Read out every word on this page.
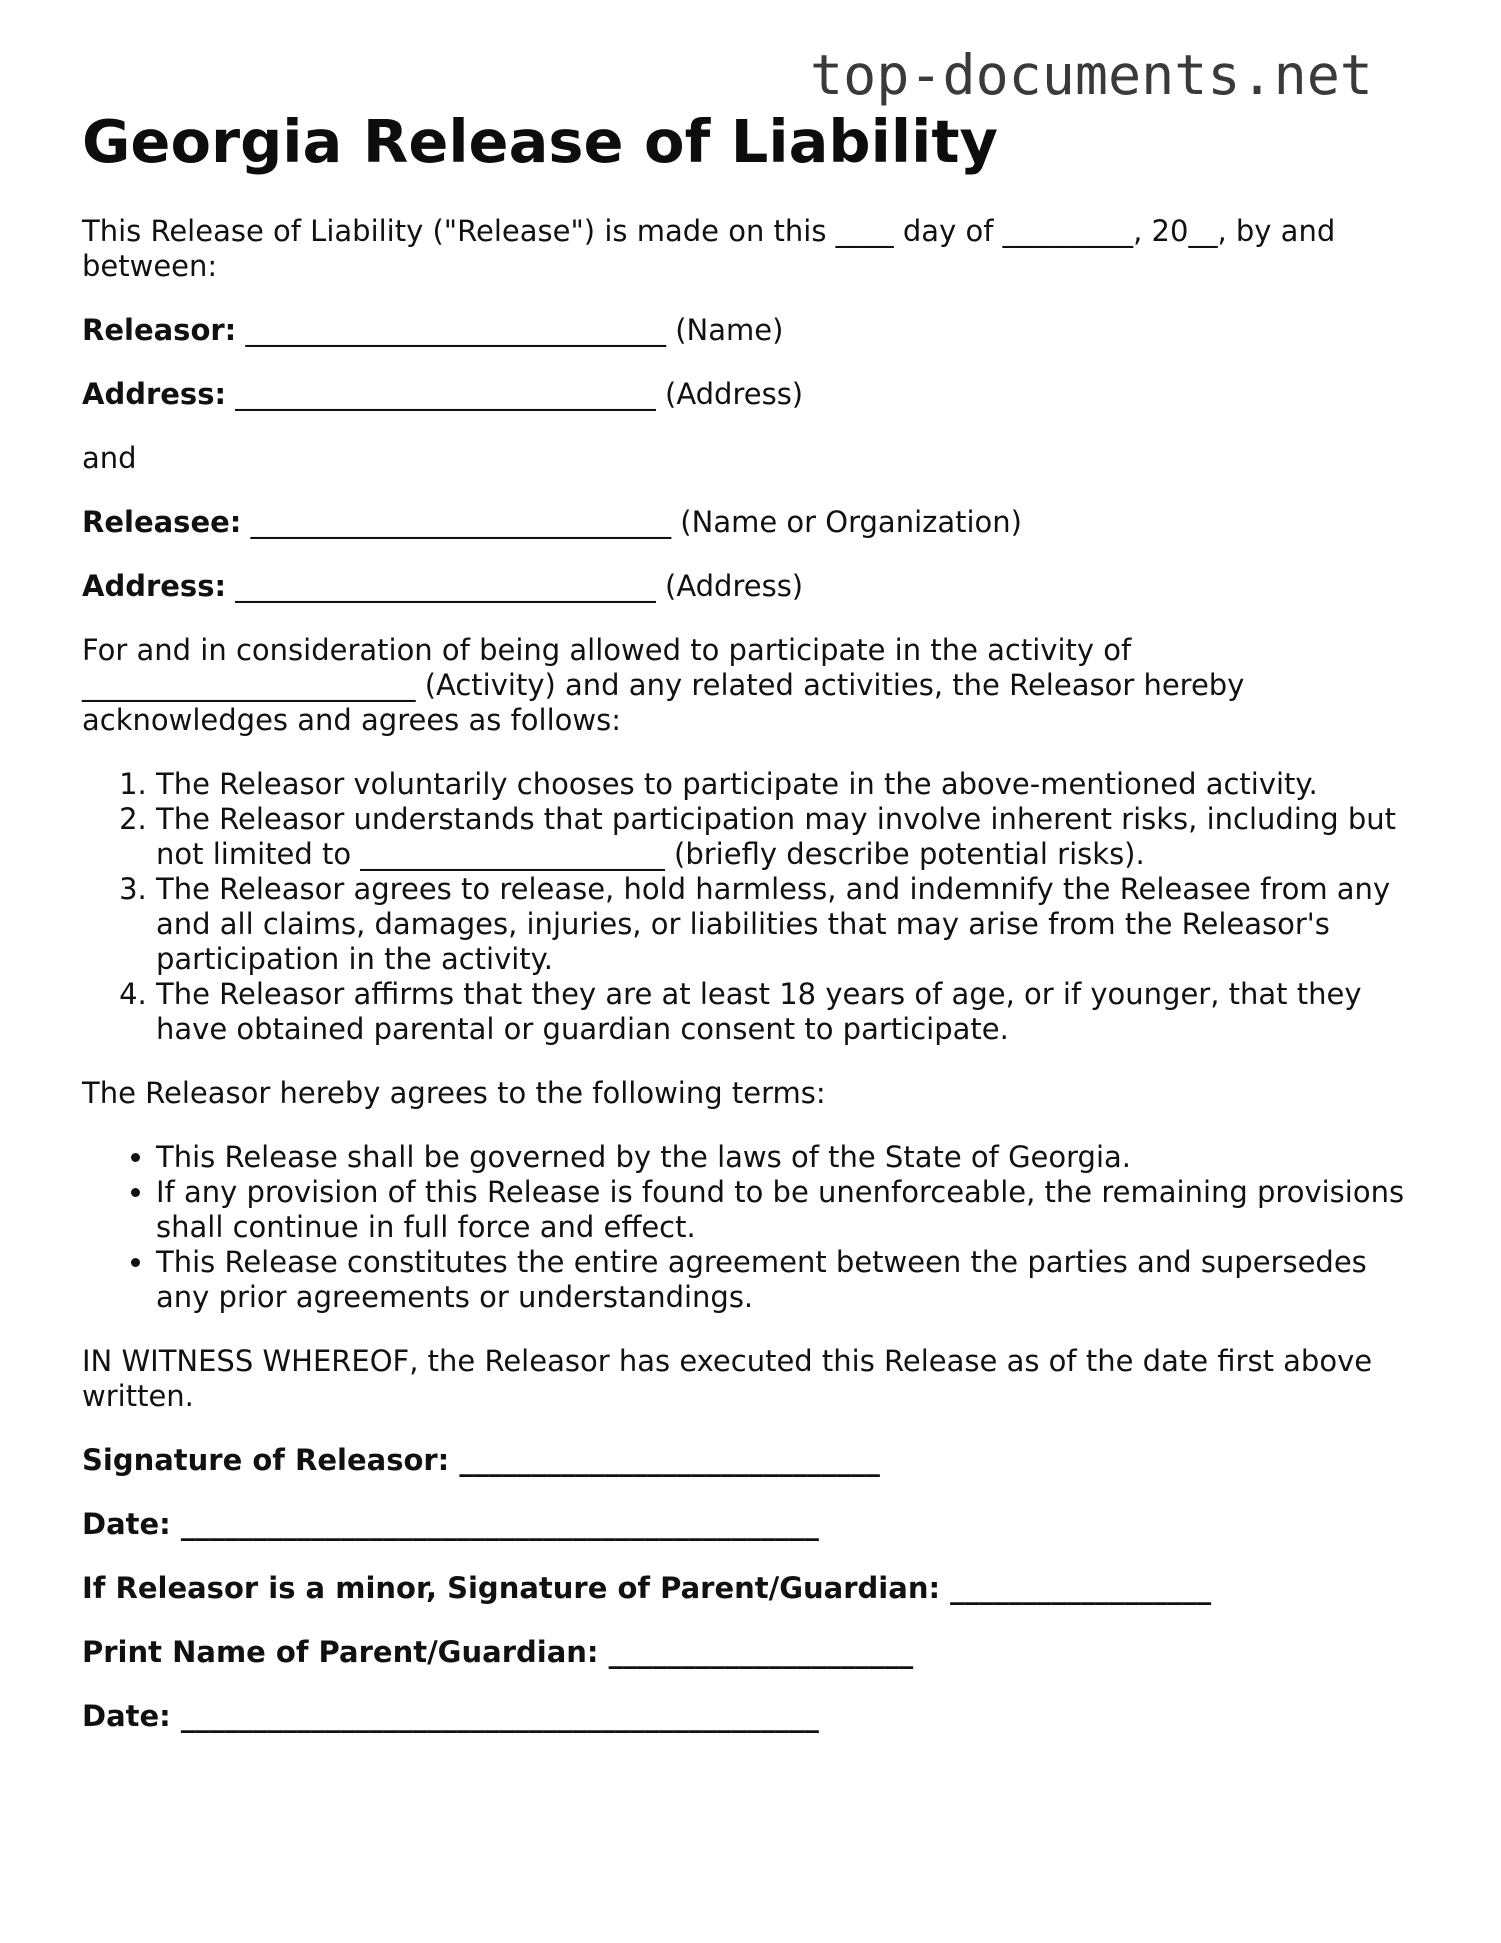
top-documents.net
Georgia Release of Liability

This Release of Liability ("Release") is made on this ____ day of _________, 20__, by and between:

Releasor: _____________________________ (Name)

Address: _____________________________ (Address)

and

Releasee: _____________________________ (Name or Organization)

Address: _____________________________ (Address)

For and in consideration of being allowed to participate in the activity of _______________________ (Activity) and any related activities, the Releasor hereby acknowledges and agrees as follows:

1. The Releasor voluntarily chooses to participate in the above-mentioned activity.
2. The Releasor understands that participation may involve inherent risks, including but not limited to _____________________ (briefly describe potential risks).
3. The Releasor agrees to release, hold harmless, and indemnify the Releasee from any and all claims, damages, injuries, or liabilities that may arise from the Releasor's participation in the activity.
4. The Releasor affirms that they are at least 18 years of age, or if younger, that they have obtained parental or guardian consent to participate.

The Releasor hereby agrees to the following terms:

• This Release shall be governed by the laws of the State of Georgia.
• If any provision of this Release is found to be unenforceable, the remaining provisions shall continue in full force and effect.
• This Release constitutes the entire agreement between the parties and supersedes any prior agreements or understandings.

IN WITNESS WHEREOF, the Releasor has executed this Release as of the date first above written.

Signature of Releasor: _____________________________

Date: ____________________________________________

If Releasor is a minor, Signature of Parent/Guardian: __________________

Print Name of Parent/Guardian: _____________________

Date: ____________________________________________
